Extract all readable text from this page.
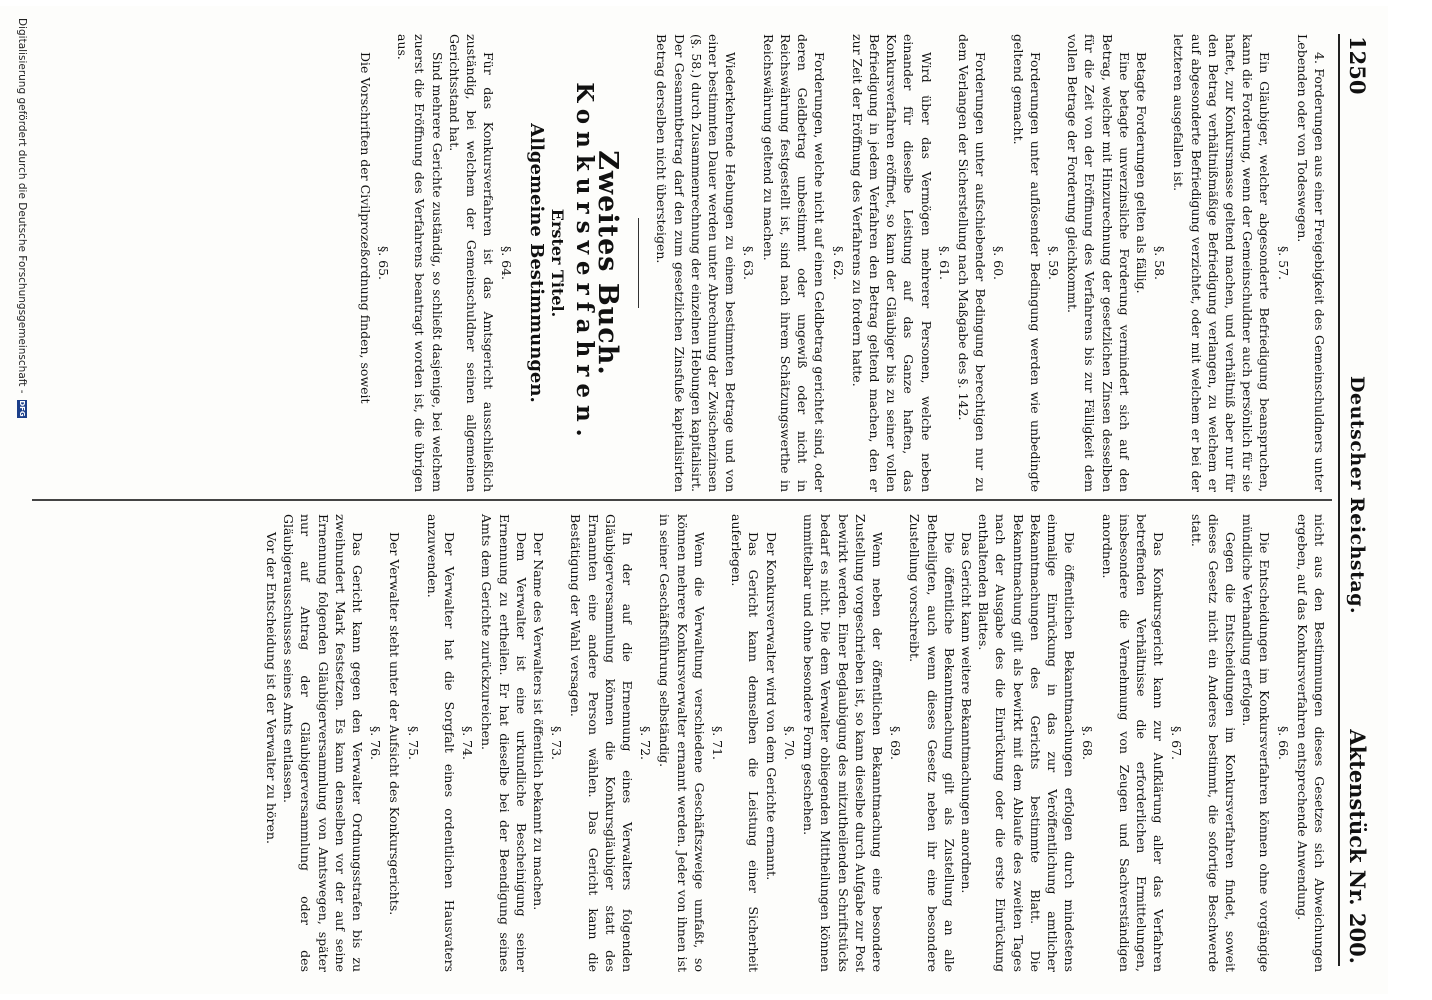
1250
Deutscher Reichstag.
Aktenstück Nr. 200.

4. Forderungen aus einer Freigebigkeit des Gemeinschuldners unter Lebenden oder von Todeswegen.

§. 57.

Ein Gläubiger, welcher abgesonderte Befriedigung beanspruchen, kann die Forderung, wenn der Gemeinschuldner auch persönlich für sie haftet, zur Konkursmasse geltend machen, und verhältniß aber nur für den Betrag verhältnißmäßige Befriedigung verlangen, zu welchem er auf abgesonderte Befriedigung verzichtet, oder mit welchem er bei der letzteren ausgefallen ist.

§. 58.

Betagte Forderungen gelten als fällig.

Eine betagte unverzinsliche Forderung vermindert sich auf den Betrag, welcher mit Hinzurechnung der gesetzlichen Zinsen desselben für die Zeit von der Eröffnung des Verfahrens bis zur Fälligkeit dem vollen Betrage der Forderung gleichkommt.

§. 59.

Forderungen unter auflösender Bedingung werden wie unbedingte geltend gemacht.

§. 60.

Forderungen unter aufschiebender Bedingung berechtigen nur zu dem Verlangen der Sicherstellung nach Maßgabe des §. 142.

§. 61.

Wird über das Vermögen mehrerer Personen, welche neben einander für dieselbe Leistung auf das Ganze haften, das Konkursverfahren eröffnet, so kann der Gläubiger bis zu seiner vollen Befriedigung in jedem Verfahren den Betrag geltend machen, den er zur Zeit der Eröffnung des Verfahrens zu fordern hatte.

§. 62.

Forderungen, welche nicht auf einen Geldbetrag gerichtet sind, oder deren Geldbetrag unbestimmt oder ungewiß oder nicht in Reichswährung festgestellt ist, sind nach ihrem Schätzungswerthe in Reichswährung geltend zu machen.

§. 63.

Wiederkehrende Hebungen zu einem bestimmten Betrage und von einer bestimmten Dauer werden unter Abrechnung der Zwischenzinsen (§. 58.) durch Zusammenrechnung der einzelnen Hebungen kapitalisirt. Der Gesammtbetrag darf den zum gesetzlichen Zinsfuße kapitalisirten Betrag derselben nicht übersteigen.

Zweites Buch.
Konkursverfahren.
Erster Titel.
Allgemeine Bestimmungen.
§. 64.

Für das Konkursverfahren ist das Amtsgericht ausschließlich zuständig, bei welchem der Gemeinschuldner seinen allgemeinen Gerichtsstand hat.

Sind mehrere Gerichte zuständig, so schließt dasjenige, bei welchem zuerst die Eröffnung des Verfahrens beantragt worden ist, die übrigen aus.

§. 65.

Die Vorschriften der Civilprozeßordnung finden, soweit

nicht aus den Bestimmungen dieses Gesetzes sich Abweichungen ergeben, auf das Konkursverfahren entsprechende Anwendung.

§. 66.

Die Entscheidungen im Konkursverfahren können ohne vorgängige mündliche Verhandlung erfolgen.

Gegen die Entscheidungen im Konkursverfahren findet, soweit dieses Gesetz nicht ein Anderes bestimmt, die sofortige Beschwerde statt.

§. 67.

Das Konkursgericht kann zur Aufklärung aller das Verfahren betreffenden Verhältnisse die erforderlichen Ermittelungen, insbesondere die Vernehmung von Zeugen und Sachverständigen anordnen.

§. 68.

Die öffentlichen Bekanntmachungen erfolgen durch mindestens einmalige Einrückung in das zur Veröffentlichung amtlicher Bekanntmachungen des Gerichts bestimmte Blatt. Die Bekanntmachung gilt als bewirkt mit dem Ablaufe des zweiten Tages nach der Ausgabe des die Einrückung oder die erste Einrückung enthaltenden Blattes.

Das Gericht kann weitere Bekanntmachungen anordnen.

Die öffentliche Bekanntmachung gilt als Zustellung an alle Betheiligten, auch wenn dieses Gesetz neben ihr eine besondere Zustellung vorschreibt.

§. 69.

Wenn neben der öffentlichen Bekanntmachung eine besondere Zustellung vorgeschrieben ist, so kann dieselbe durch Aufgabe zur Post bewirkt werden. Einer Beglaubigung des mitzutheilenden Schriftstücks bedarf es nicht. Die dem Verwalter obliegenden Mittheilungen können unmittelbar und ohne besondere Form geschehen.

§. 70.

Der Konkursverwalter wird von dem Gerichte ernannt.

Das Gericht kann demselben die Leistung einer Sicherheit auferlegen.

§. 71.

Wenn die Verwaltung verschiedene Geschäftszweige umfaßt, so können mehrere Konkursverwalter ernannt werden. Jeder von ihnen ist in seiner Geschäftsführung selbständig.

§. 72.

In der auf die Ernennung eines Verwalters folgenden Gläubigerversammlung können die Konkursgläubiger statt des Ernannten eine andere Person wählen. Das Gericht kann die Bestätigung der Wahl versagen.

§. 73.

Der Name des Verwalters ist öffentlich bekannt zu machen.

Dem Verwalter ist eine urkundliche Bescheinigung seiner Ernennung zu ertheilen. Er hat dieselbe bei der Beendigung seines Amts dem Gerichte zurückzureichen.

§. 74.

Der Verwalter hat die Sorgfalt eines ordentlichen Hausvaters anzuwenden.

§. 75.

Der Verwalter steht unter der Aufsicht des Konkursgerichts.

§. 76.

Das Gericht kann gegen den Verwalter Ordnungsstrafen bis zu zweihundert Mark festsetzen. Es kann denselben vor der auf seine Ernennung folgenden Gläubigerversammlung von Amtswegen, später nur auf Antrag der Gläubigerversammlung oder des Gläubigerausschusses seines Amts entlassen.

Vor der Entscheidung ist der Verwalter zu hören.

Digitalisierung gefördert durch die Deutsche Forschungsgemeinschaft -
DFG
